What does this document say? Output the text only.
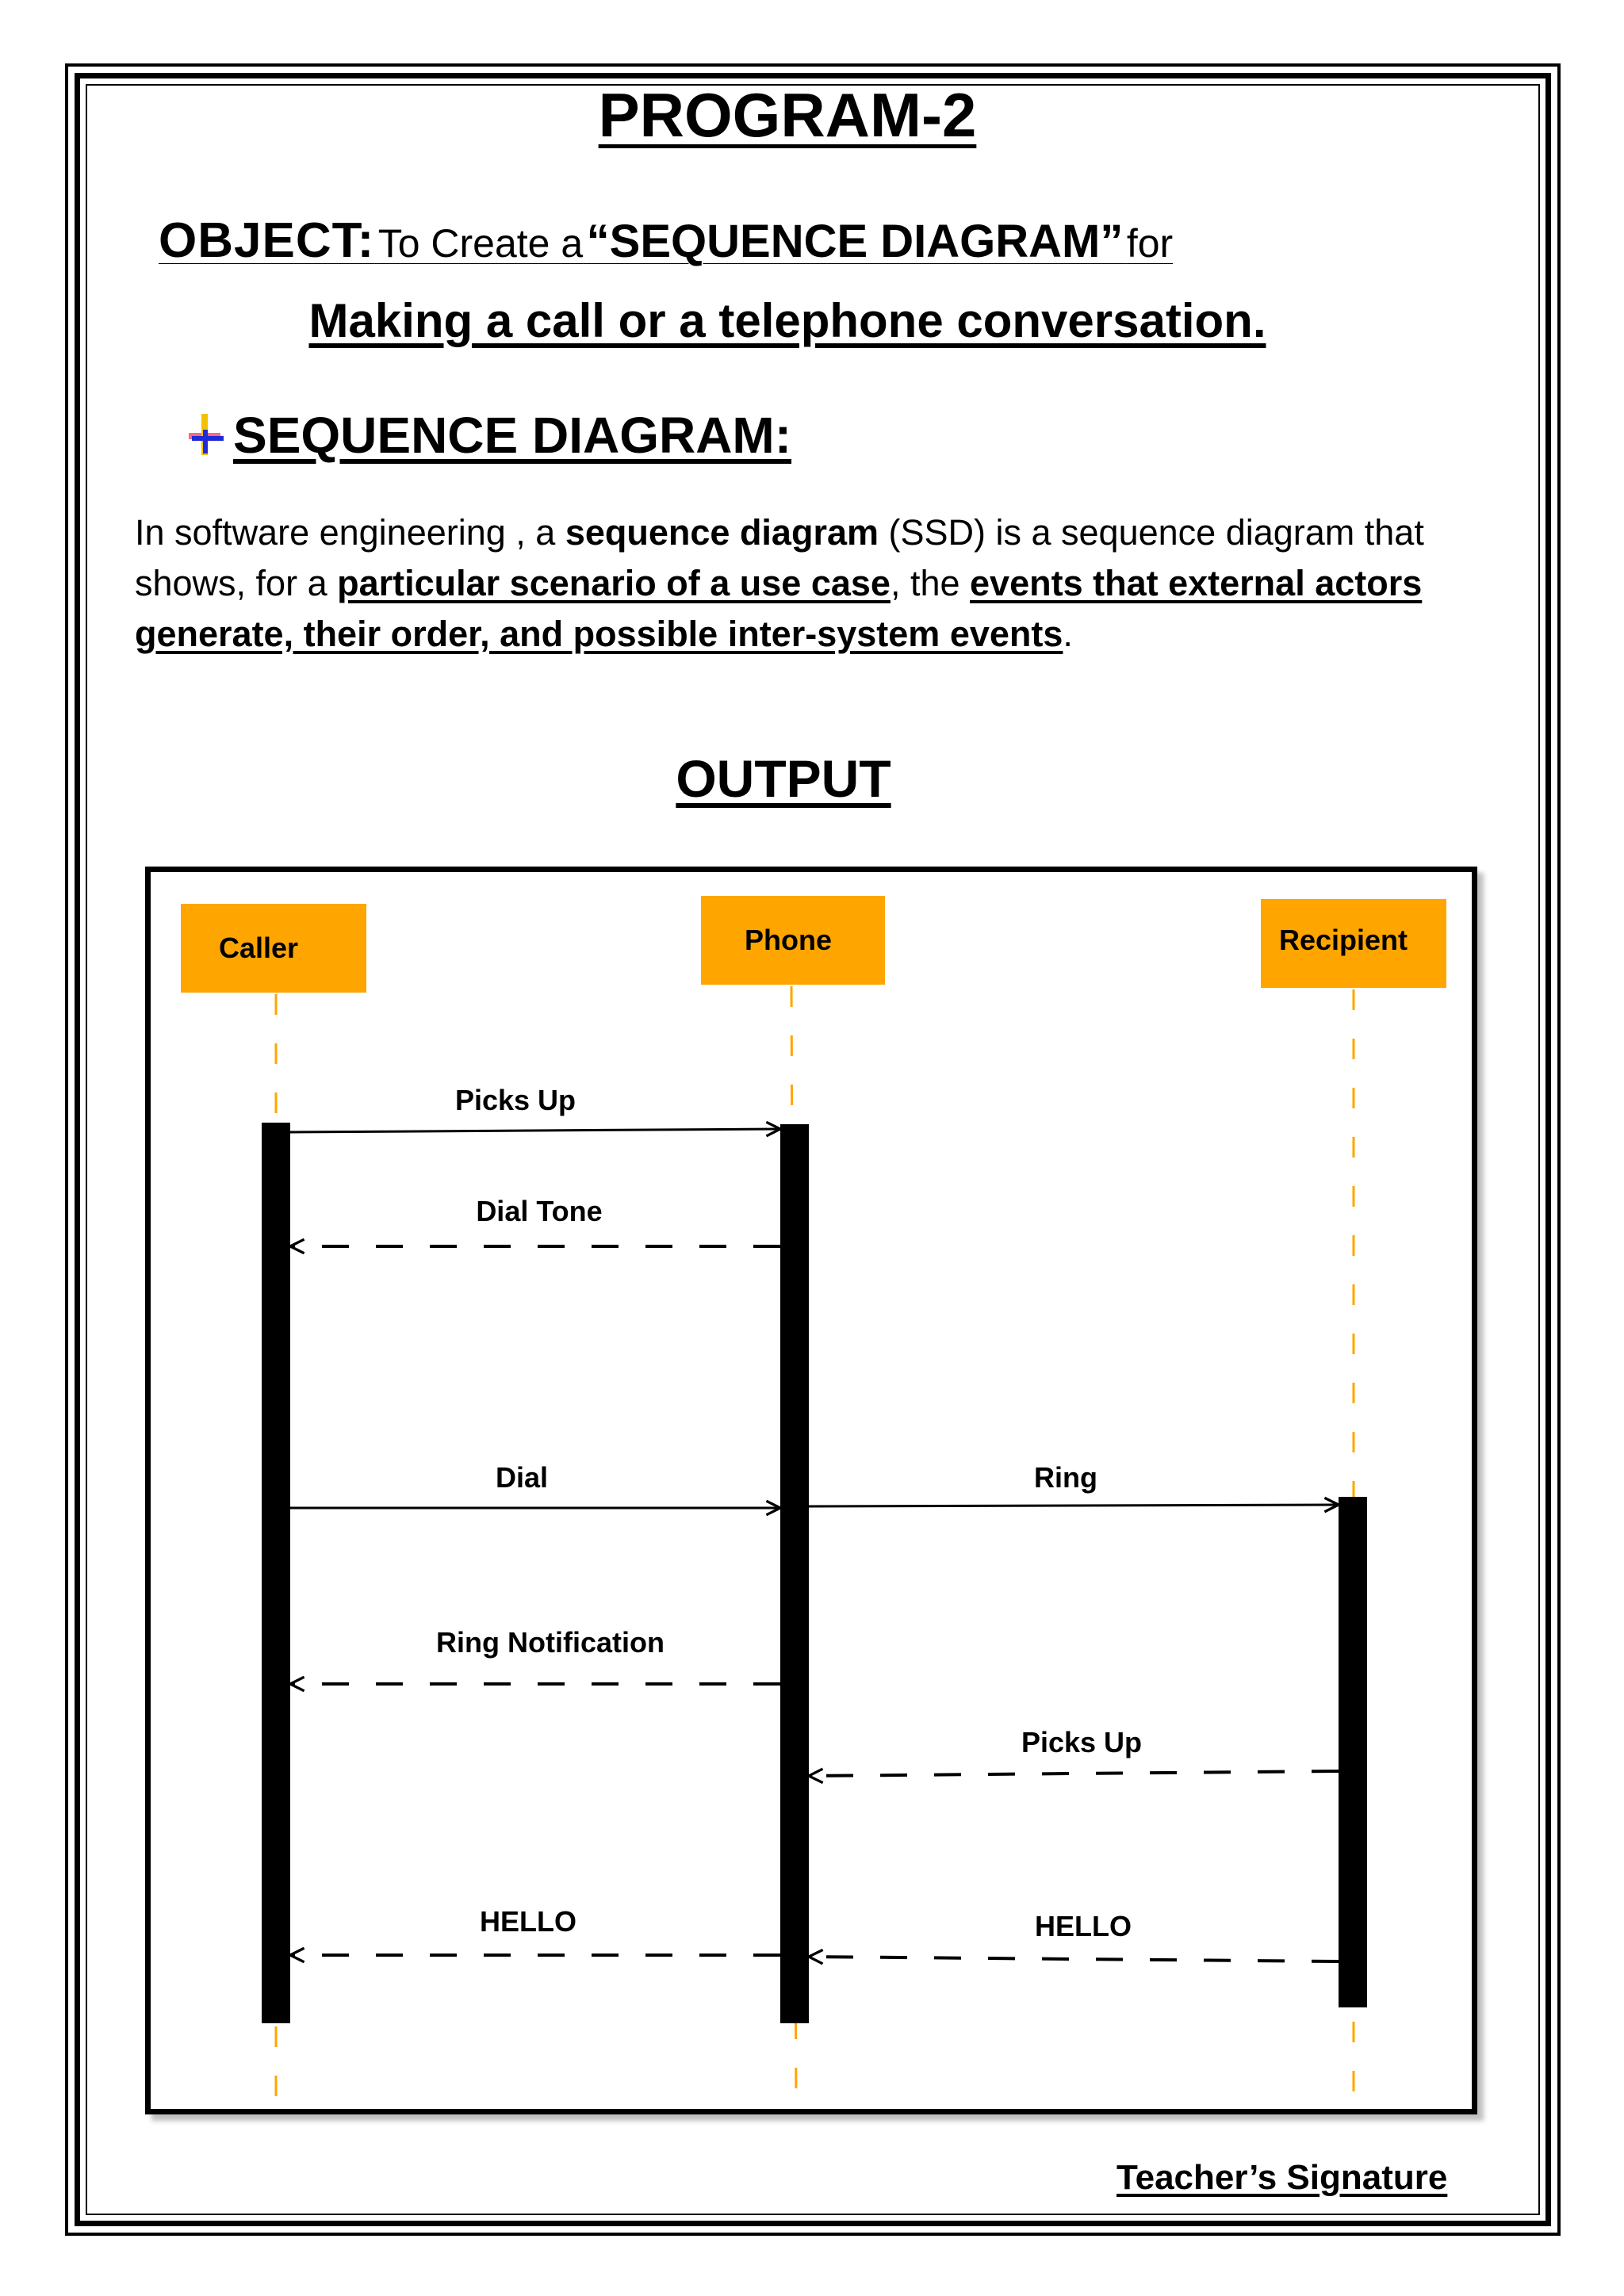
PROGRAM-2
OBJECT: To Create a “SEQUENCE DIAGRAM” for
Making a call or a telephone conversation.
SEQUENCE DIAGRAM:
In software engineering , a sequence diagram (SSD) is a sequence diagram that shows, for a particular scenario of a use case, the events that external actors generate, their order, and possible inter-system events.
OUTPUT
Caller	Phone	Recipient
Picks Up
Dial Tone
Dial	Ring
Ring Notification
Picks Up
HELLO	HELLO
Teacher’s Signature
